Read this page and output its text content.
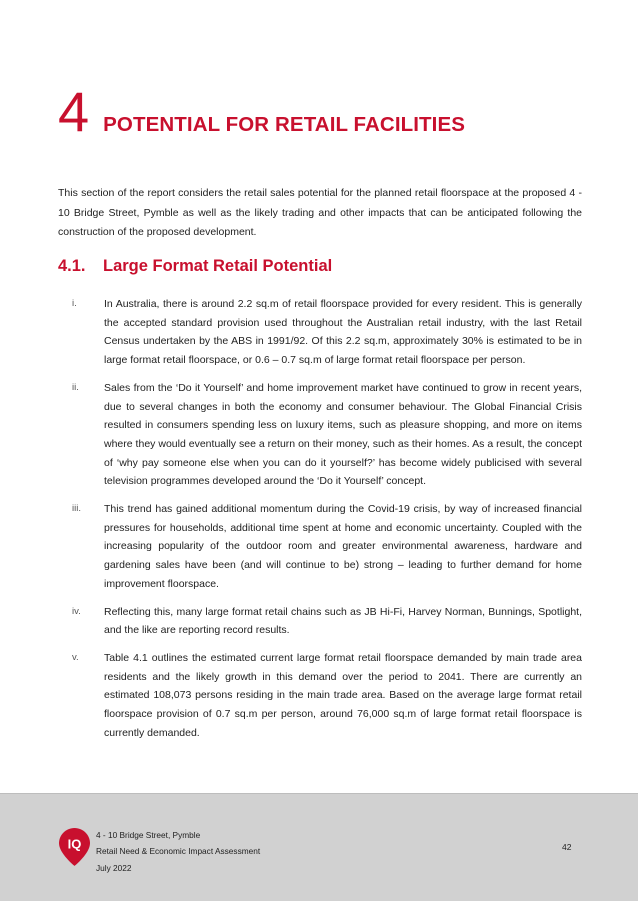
4 POTENTIAL FOR RETAIL FACILITIES

This section of the report considers the retail sales potential for the planned retail floorspace at the proposed 4 - 10 Bridge Street, Pymble as well as the likely trading and other impacts that can be anticipated following the construction of the proposed development.

4.1. Large Format Retail Potential
i.	In Australia, there is around 2.2 sq.m of retail floorspace provided for every resident. This is generally the accepted standard provision used throughout the Australian retail industry, with the last Retail Census undertaken by the ABS in 1991/92. Of this 2.2 sq.m, approximately 30% is estimated to be in large format retail floorspace, or 0.6 – 0.7 sq.m of large format retail floorspace per person.
ii.	Sales from the ‘Do it Yourself’ and home improvement market have continued to grow in recent years, due to several changes in both the economy and consumer behaviour. The Global Financial Crisis resulted in consumers spending less on luxury items, such as pleasure shopping, and more on items where they would eventually see a return on their money, such as their homes. As a result, the concept of ‘why pay someone else when you can do it yourself?’ has become widely publicised with several television programmes developed around the ‘Do it Yourself’ concept.
iii.	This trend has gained additional momentum during the Covid-19 crisis, by way of increased financial pressures for households, additional time spent at home and economic uncertainty. Coupled with the increasing popularity of the outdoor room and greater environmental awareness, hardware and gardening sales have been (and will continue to be) strong – leading to further demand for home improvement floorspace.
iv.	Reflecting this, many large format retail chains such as JB Hi-Fi, Harvey Norman, Bunnings, Spotlight, and the like are reporting record results.
v.	Table 4.1 outlines the estimated current large format retail floorspace demanded by main trade area residents and the likely growth in this demand over the period to 2041. There are currently an estimated 108,073 persons residing in the main trade area. Based on the average large format retail floorspace provision of 0.7 sq.m per person, around 76,000 sq.m of large format retail floorspace is currently demanded.
IQ
4 - 10 Bridge Street, Pymble
Retail Need & Economic Impact Assessment
July 2022
42
